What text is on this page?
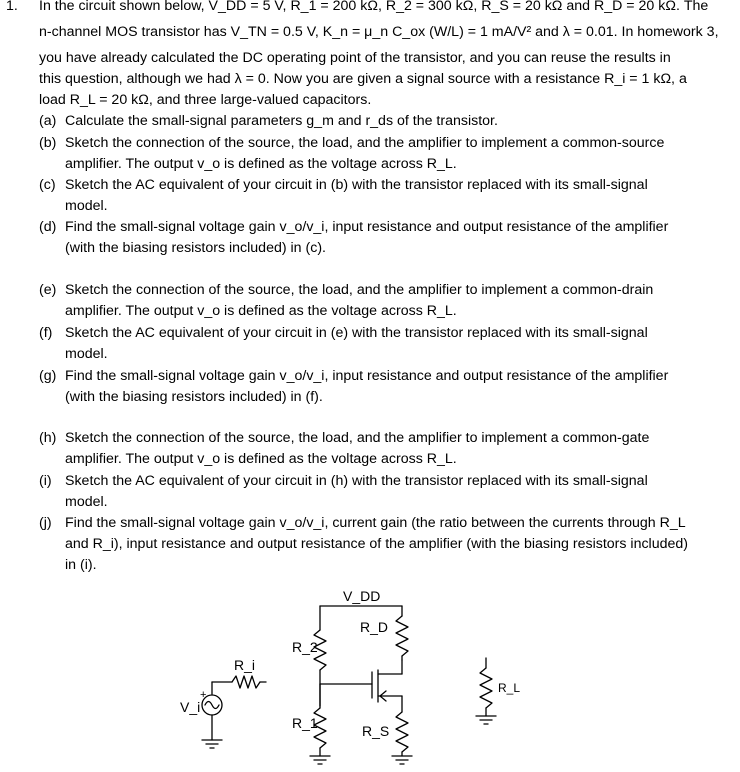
1. In the circuit shown below, V_DD = 5 V, R_1 = 200 kΩ, R_2 = 300 kΩ, R_S = 20 kΩ and R_D = 20 kΩ. The
n-channel MOS transistor has V_TN = 0.5 V, K_n = μ_n C_ox (W/L) = 1 mA/V² and λ = 0.01. In homework 3,
you have already calculated the DC operating point of the transistor, and you can reuse the results in
this question, although we had λ = 0. Now you are given a signal source with a resistance R_i = 1 kΩ, a
load R_L = 20 kΩ, and three large-valued capacitors.
(a) Calculate the small-signal parameters g_m and r_ds of the transistor.
(b) Sketch the connection of the source, the load, and the amplifier to implement a common-source
amplifier. The output v_o is defined as the voltage across R_L.
(c) Sketch the AC equivalent of your circuit in (b) with the transistor replaced with its small-signal
model.
(d) Find the small-signal voltage gain v_o/v_i, input resistance and output resistance of the amplifier
(with the biasing resistors included) in (c).
(e) Sketch the connection of the source, the load, and the amplifier to implement a common-drain
amplifier. The output v_o is defined as the voltage across R_L.
(f) Sketch the AC equivalent of your circuit in (e) with the transistor replaced with its small-signal
model.
(g) Find the small-signal voltage gain v_o/v_i, input resistance and output resistance of the amplifier
(with the biasing resistors included) in (f).
(h) Sketch the connection of the source, the load, and the amplifier to implement a common-gate
amplifier. The output v_o is defined as the voltage across R_L.
(i) Sketch the AC equivalent of your circuit in (h) with the transistor replaced with its small-signal
model.
(j) Find the small-signal voltage gain v_o/v_i, current gain (the ratio between the currents through R_L
and R_i), input resistance and output resistance of the amplifier (with the biasing resistors included)
in (i).
V_DD
R_D
R_2
R_1	R_S
R_i
V_i
+	R_L
